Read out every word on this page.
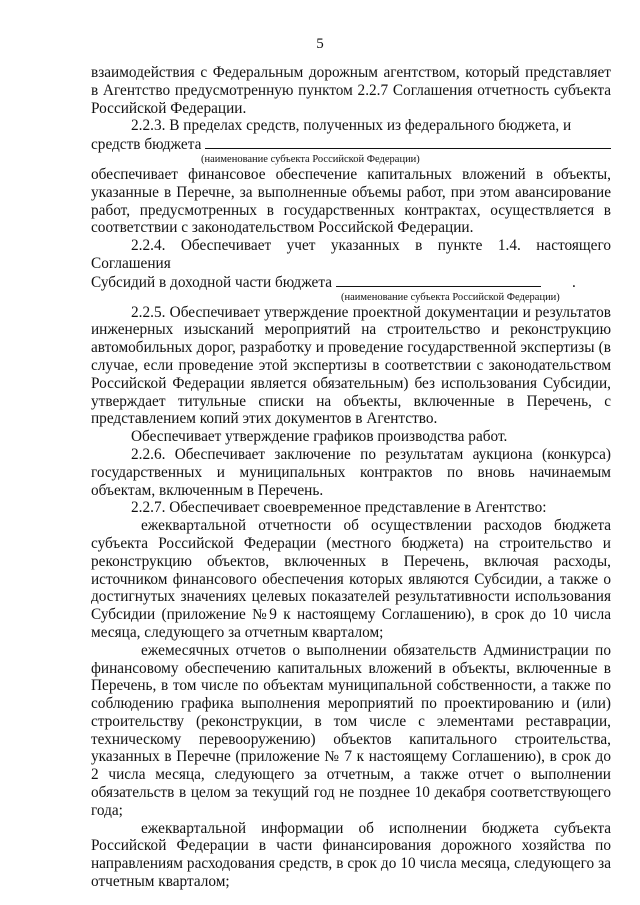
5

взаимодействия с Федеральным дорожным агентством, который представляет в Агентство предусмотренную пунктом 2.2.7 Соглашения отчетность субъекта Российской Федерации.

2.2.3. В пределах средств, полученных из федерального бюджета, и

средств бюджета

(наименование субъекта Российской Федерации)

обеспечивает финансовое обеспечение капитальных вложений в объекты, указанные в Перечне, за выполненные объемы работ, при этом авансирование работ, предусмотренных в государственных контрактах, осуществляется в соответствии с законодательством Российской Федерации.

2.2.4. Обеспечивает учет указанных в пункте 1.4. настоящего Соглашения

Субсидий в доходной части бюджета	.

(наименование субъекта Российской Федерации)

2.2.5. Обеспечивает утверждение проектной документации и результатов инженерных изысканий мероприятий на строительство и реконструкцию автомобильных дорог, разработку и проведение государственной экспертизы (в случае, если проведение этой экспертизы в соответствии с законодательством Российской Федерации является обязательным) без использования Субсидии, утверждает титульные списки на объекты, включенные в Перечень, с представлением копий этих документов в Агентство.

Обеспечивает утверждение графиков производства работ.

2.2.6. Обеспечивает заключение по результатам аукциона (конкурса) государственных и муниципальных контрактов по вновь начинаемым объектам, включенным в Перечень.

2.2.7. Обеспечивает своевременное представление в Агентство:

ежеквартальной отчетности об осуществлении расходов бюджета субъекта Российской Федерации (местного бюджета) на строительство и реконструкцию объектов, включенных в Перечень, включая расходы, источником финансового обеспечения которых являются Субсидии, а также о достигнутых значениях целевых показателей результативности использования Субсидии (приложение №9 к настоящему Соглашению), в срок до 10 числа месяца, следующего за отчетным кварталом;

ежемесячных отчетов о выполнении обязательств Администрации по финансовому обеспечению капитальных вложений в объекты, включенные в Перечень, в том числе по объектам муниципальной собственности, а также по соблюдению графика выполнения мероприятий по проектированию и (или) строительству (реконструкции, в том числе с элементами реставрации, техническому перевооружению) объектов капитального строительства, указанных в Перечне (приложение № 7 к настоящему Соглашению), в срок до 2 числа месяца, следующего за отчетным, а также отчет о выполнении обязательств в целом за текущий год не позднее 10 декабря соответствующего года;

ежеквартальной информации об исполнении бюджета субъекта Российской Федерации в части финансирования дорожного хозяйства по направлениям расходования средств, в срок до 10 числа месяца, следующего за отчетным кварталом;
